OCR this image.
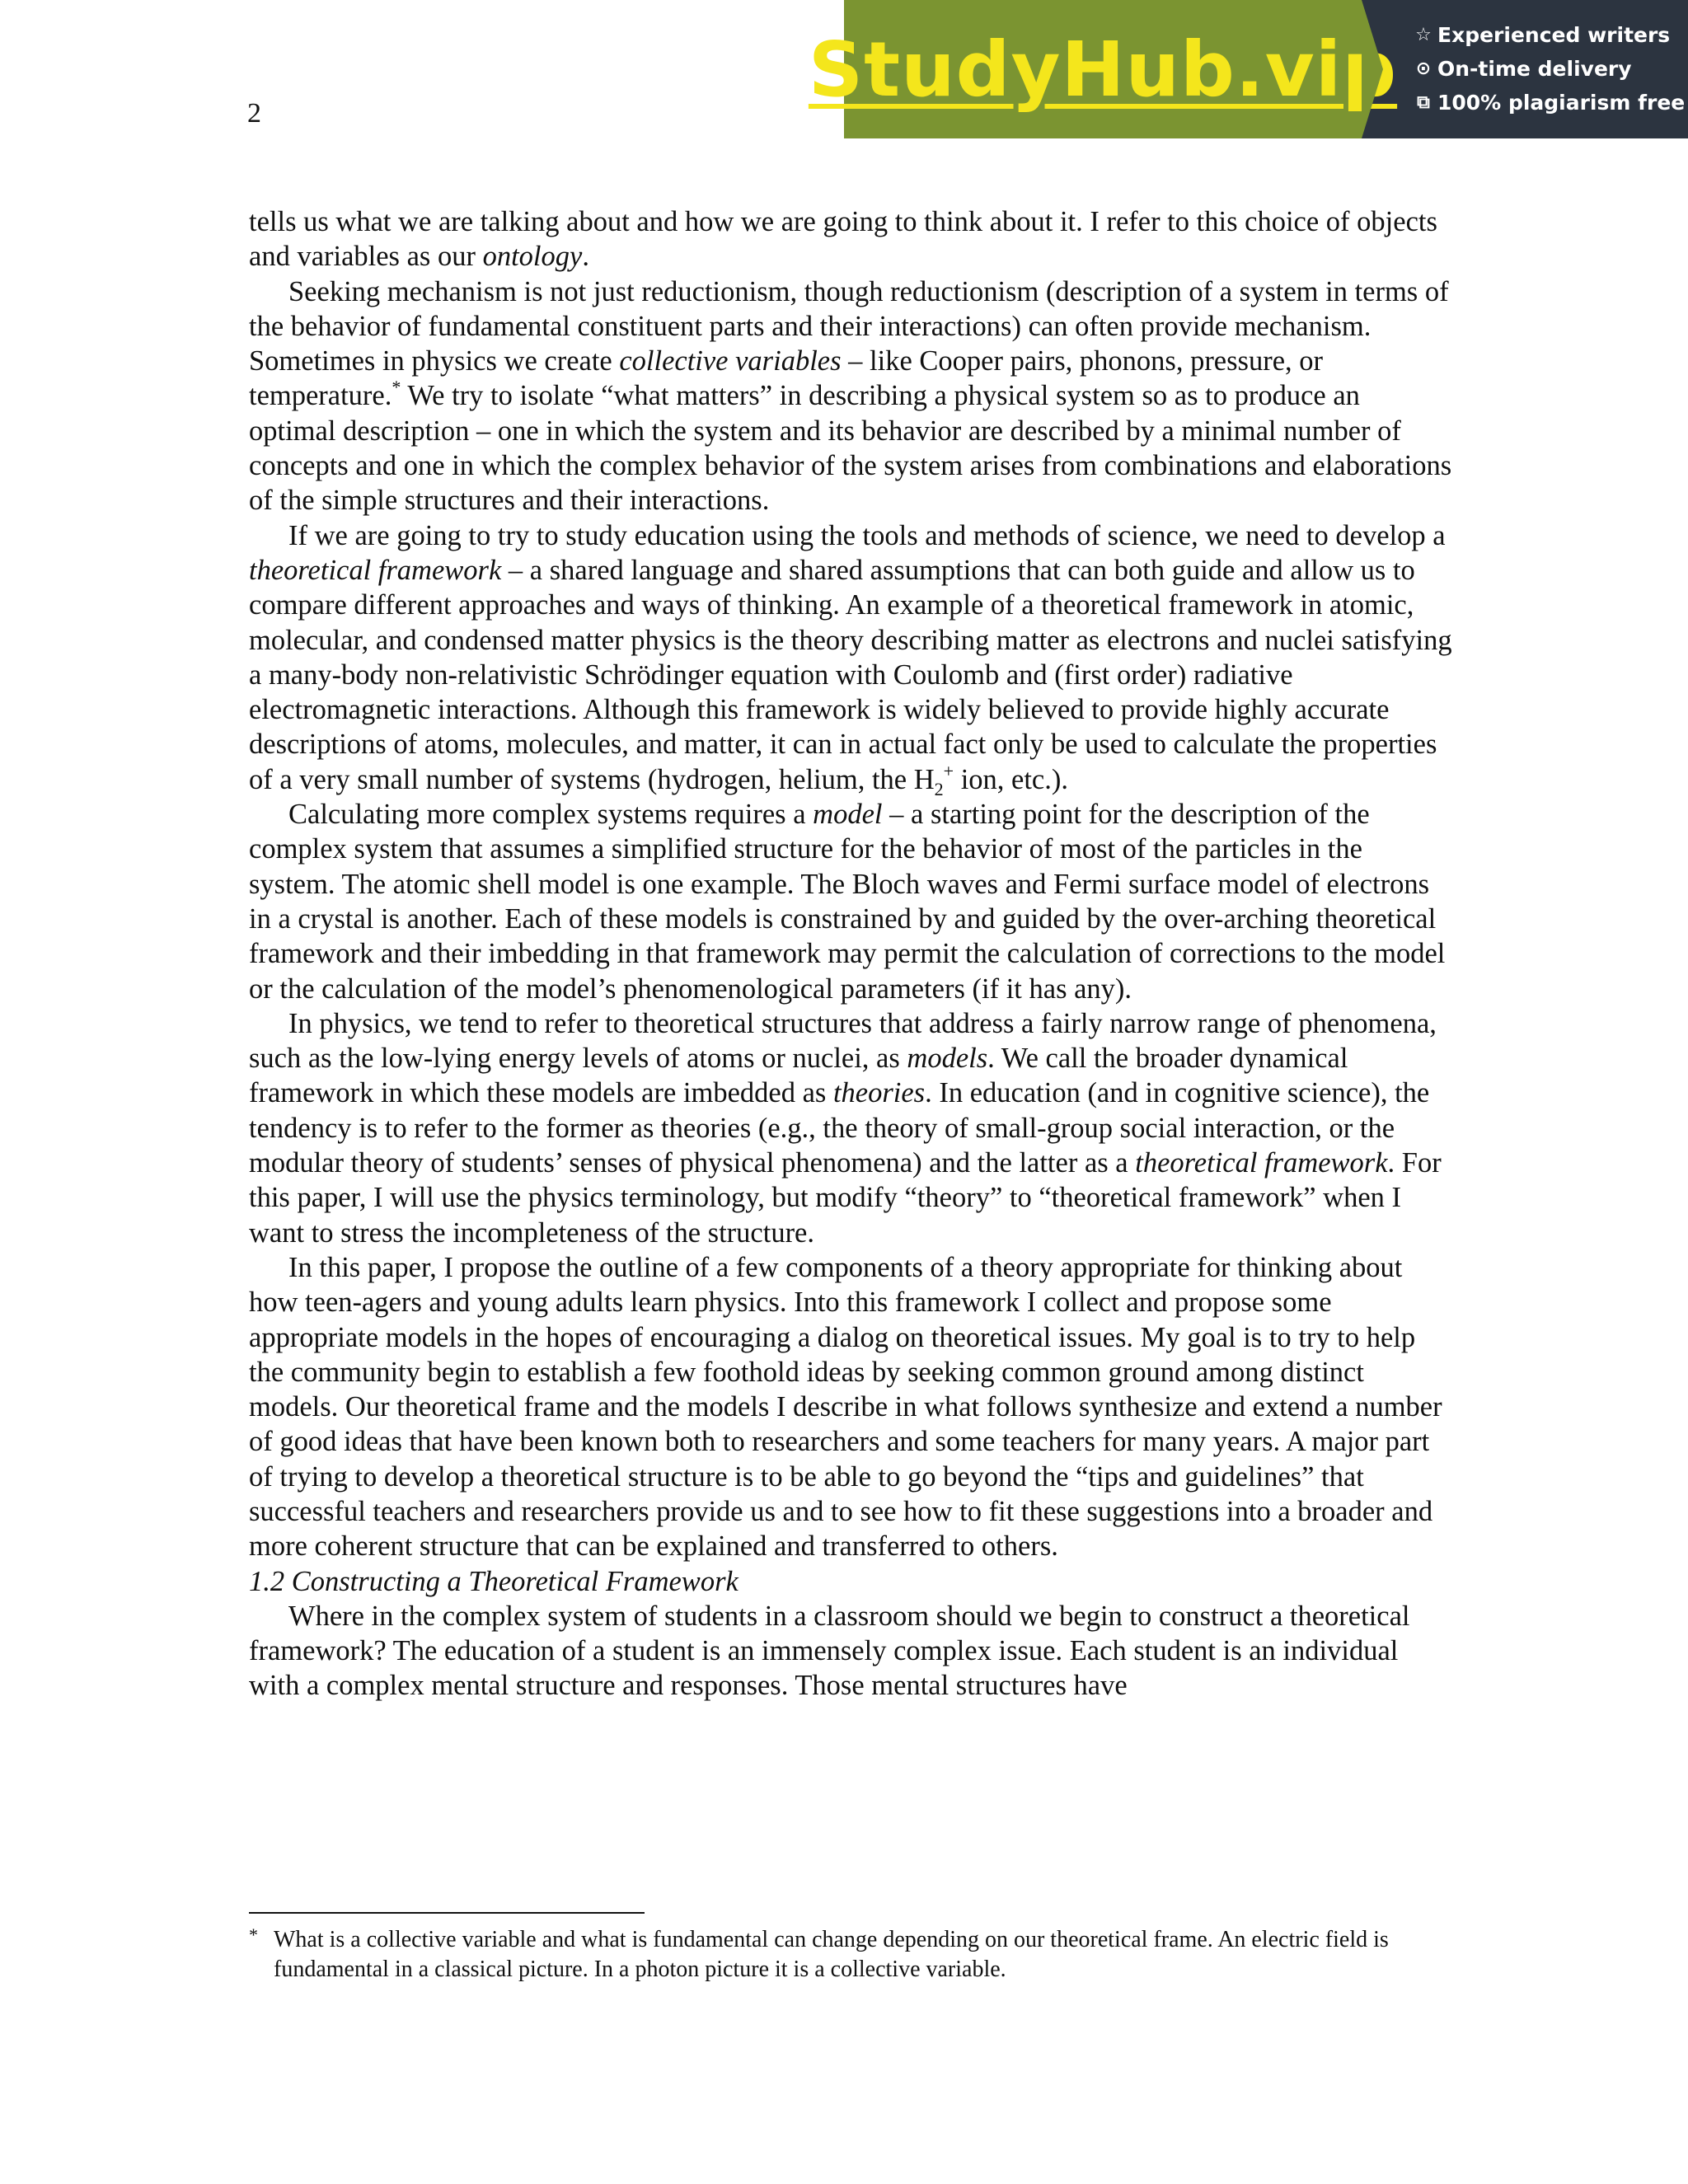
2	StudyHub.vip ☆ Experienced writers
⊙ On-time delivery
⧉ 100% plagiarism free

tells us what we are talking about and how we are going to think about it. I refer to this choice of objects and variables as our ontology.

Seeking mechanism is not just reductionism, though reductionism (description of a system in terms of the behavior of fundamental constituent parts and their interactions) can often provide mechanism. Sometimes in physics we create collective variables – like Cooper pairs, phonons, pressure, or temperature.* We try to isolate “what matters” in describing a physical system so as to produce an optimal description – one in which the system and its behavior are described by a minimal number of concepts and one in which the complex behavior of the system arises from combinations and elaborations of the simple structures and their interactions.

If we are going to try to study education using the tools and methods of science, we need to develop a theoretical framework – a shared language and shared assumptions that can both guide and allow us to compare different approaches and ways of thinking. An example of a theoretical framework in atomic, molecular, and condensed matter physics is the theory describing matter as electrons and nuclei satisfying a many-body non-relativistic Schrödinger equation with Coulomb and (first order) radiative electromagnetic interactions. Although this framework is widely believed to provide highly accurate descriptions of atoms, molecules, and matter, it can in actual fact only be used to calculate the properties of a very small number of systems (hydrogen, helium, the $H_2^+$ ion, etc.).

Calculating more complex systems requires a model – a starting point for the description of the complex system that assumes a simplified structure for the behavior of most of the particles in the system. The atomic shell model is one example. The Bloch waves and Fermi surface model of electrons in a crystal is another. Each of these models is constrained by and guided by the over-arching theoretical framework and their imbedding in that framework may permit the calculation of corrections to the model or the calculation of the model’s phenomenological parameters (if it has any).

In physics, we tend to refer to theoretical structures that address a fairly narrow range of phenomena, such as the low-lying energy levels of atoms or nuclei, as models. We call the broader dynamical framework in which these models are imbedded as theories. In education (and in cognitive science), the tendency is to refer to the former as theories (e.g., the theory of small-group social interaction, or the modular theory of students’ senses of physical phenomena) and the latter as a theoretical framework. For this paper, I will use the physics terminology, but modify “theory” to “theoretical framework” when I want to stress the incompleteness of the structure.

In this paper, I propose the outline of a few components of a theory appropriate for thinking about how teen-agers and young adults learn physics. Into this framework I collect and propose some appropriate models in the hopes of encouraging a dialog on theoretical issues. My goal is to try to help the community begin to establish a few foothold ideas by seeking common ground among distinct models. Our theoretical frame and the models I describe in what follows synthesize and extend a number of good ideas that have been known both to researchers and some teachers for many years. A major part of trying to develop a theoretical structure is to be able to go beyond the “tips and guidelines” that successful teachers and researchers provide us and to see how to fit these suggestions into a broader and more coherent structure that can be explained and transferred to others.

1.2 Constructing a Theoretical Framework

Where in the complex system of students in a classroom should we begin to construct a theoretical framework? The education of a student is an immensely complex issue. Each student is an individual with a complex mental structure and responses. Those mental structures have

* What is a collective variable and what is fundamental can change depending on our theoretical frame. An electric field is fundamental in a classical picture. In a photon picture it is a collective variable.
